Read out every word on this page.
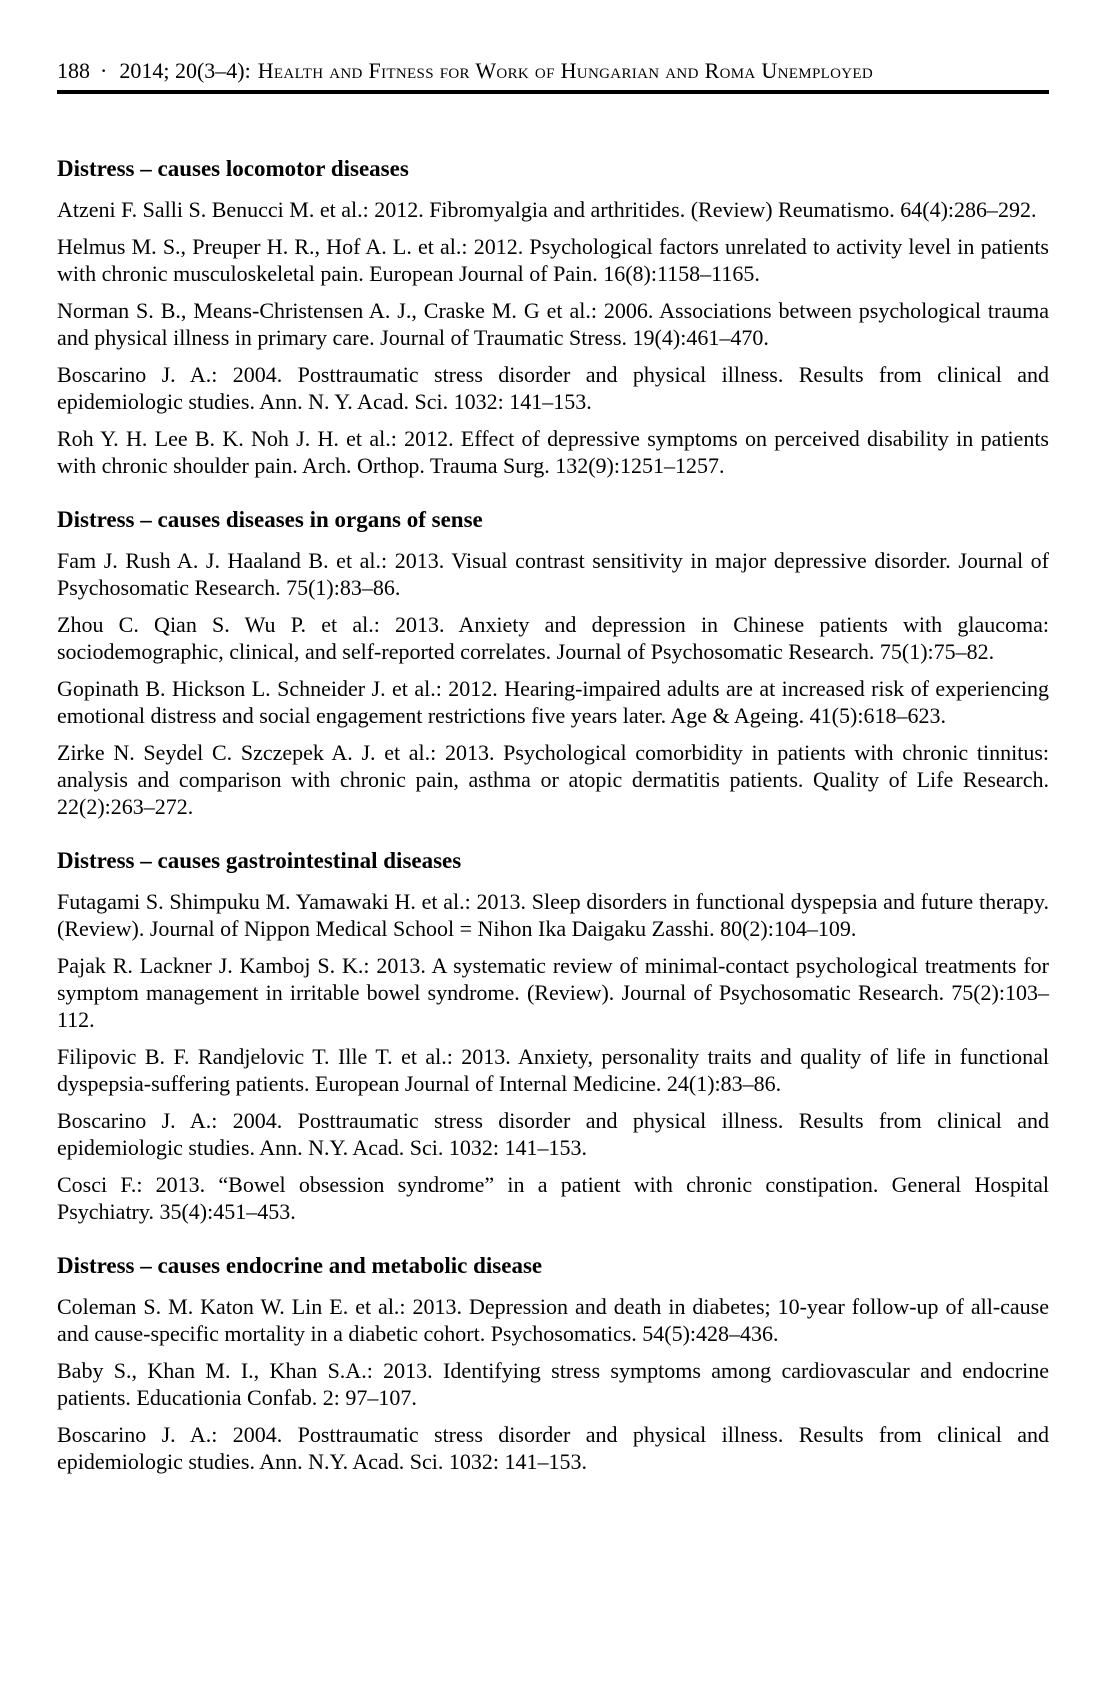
188 · 2014; 20(3–4): Health and Fitness for Work of Hungarian and Roma Unemployed
Distress – causes locomotor diseases

Atzeni F. Salli S. Benucci M. et al.: 2012. Fibromyalgia and arthritides. (Review) Reumatismo. 64(4):286–292.

Helmus M. S., Preuper H. R., Hof A. L. et al.: 2012. Psychological factors unrelated to activity level in patients with chronic musculoskeletal pain. European Journal of Pain. 16(8):1158–1165.

Norman S. B., Means-Christensen A. J., Craske M. G et al.: 2006. Associations between psychological trauma and physical illness in primary care. Journal of Traumatic Stress. 19(4):461–470.

Boscarino J. A.: 2004. Posttraumatic stress disorder and physical illness. Results from clinical and epidemiologic studies. Ann. N. Y. Acad. Sci. 1032: 141–153.

Roh Y. H. Lee B. K. Noh J. H. et al.: 2012. Effect of depressive symptoms on perceived disability in patients with chronic shoulder pain. Arch. Orthop. Trauma Surg. 132(9):1251–1257.

Distress – causes diseases in organs of sense

Fam J. Rush A. J. Haaland B. et al.: 2013. Visual contrast sensitivity in major depressive disorder. Journal of Psychosomatic Research. 75(1):83–86.

Zhou C. Qian S. Wu P. et al.: 2013. Anxiety and depression in Chinese patients with glaucoma: sociodemographic, clinical, and self-reported correlates. Journal of Psychosomatic Research. 75(1):75–82.

Gopinath B. Hickson L. Schneider J. et al.: 2012. Hearing-impaired adults are at increased risk of experiencing emotional distress and social engagement restrictions five years later. Age & Ageing. 41(5):618–623.

Zirke N. Seydel C. Szczepek A. J. et al.: 2013. Psychological comorbidity in patients with chronic tinnitus: analysis and comparison with chronic pain, asthma or atopic dermatitis patients. Quality of Life Research. 22(2):263–272.

Distress – causes gastrointestinal diseases

Futagami S. Shimpuku M. Yamawaki H. et al.: 2013. Sleep disorders in functional dyspepsia and future therapy. (Review). Journal of Nippon Medical School = Nihon Ika Daigaku Zasshi. 80(2):104–109.

Pajak R. Lackner J. Kamboj S. K.: 2013. A systematic review of minimal-contact psychological treatments for symptom management in irritable bowel syndrome. (Review). Journal of Psychosomatic Research. 75(2):103–112.

Filipovic B. F. Randjelovic T. Ille T. et al.: 2013. Anxiety, personality traits and quality of life in functional dyspepsia-suffering patients. European Journal of Internal Medicine. 24(1):83–86.

Boscarino J. A.: 2004. Posttraumatic stress disorder and physical illness. Results from clinical and epidemiologic studies. Ann. N.Y. Acad. Sci. 1032: 141–153.

Cosci F.: 2013. “Bowel obsession syndrome” in a patient with chronic constipation. General Hospital Psychiatry. 35(4):451–453.

Distress – causes endocrine and metabolic disease

Coleman S. M. Katon W. Lin E. et al.: 2013. Depression and death in diabetes; 10-year follow-up of all-cause and cause-specific mortality in a diabetic cohort. Psychosomatics. 54(5):428–436.

Baby S., Khan M. I., Khan S.A.: 2013. Identifying stress symptoms among cardiovascular and endocrine patients. Educationia Confab. 2: 97–107.

Boscarino J. A.: 2004. Posttraumatic stress disorder and physical illness. Results from clinical and epidemiologic studies. Ann. N.Y. Acad. Sci. 1032: 141–153.
